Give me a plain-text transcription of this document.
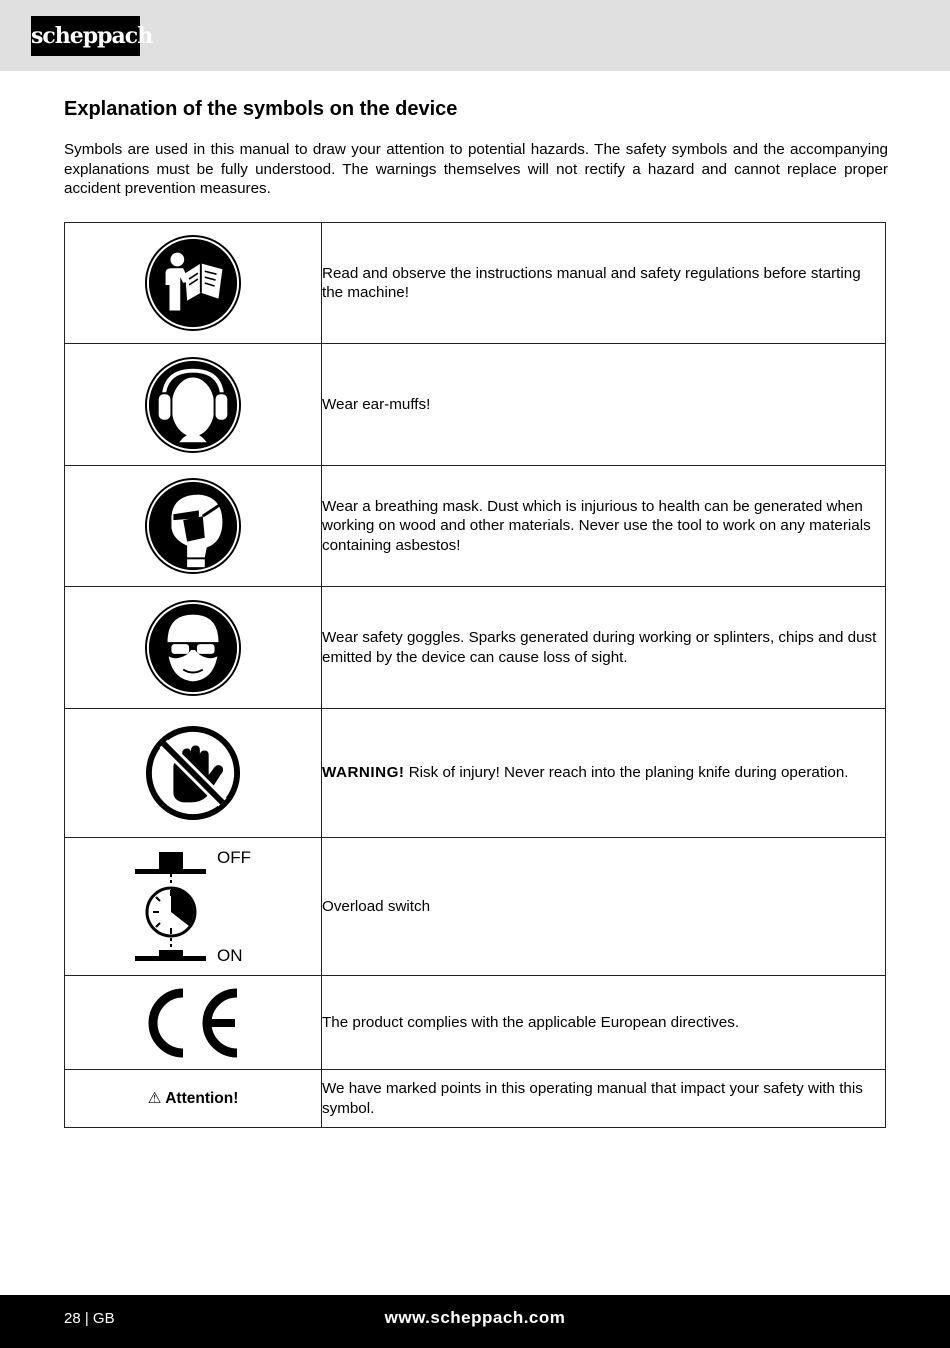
scheppach
Explanation of the symbols on the device

Symbols are used in this manual to draw your attention to potential hazards. The safety symbols and the accompanying explanations must be fully understood. The warnings themselves will not rectify a hazard and cannot replace proper accident prevention measures.

	Read and observe the instructions manual and safety regulations before starting the machine!

	Wear ear-muffs!

	Wear a breathing mask. Dust which is injurious to health can be generated when working on wood and other materials. Never use the tool to work on any materials containing asbestos!

	Wear safety goggles. Sparks generated during working or splinters, chips and dust emitted by the device can cause loss of sight.

	WARNING! Risk of injury! Never reach into the planing knife during operation.

OFF
ON	Overload switch

	The product complies with the applicable European directives.
⚠ Attention!	We have marked points in this operating manual that impact your safety with this symbol.
28 | GB	www.scheppach.com
